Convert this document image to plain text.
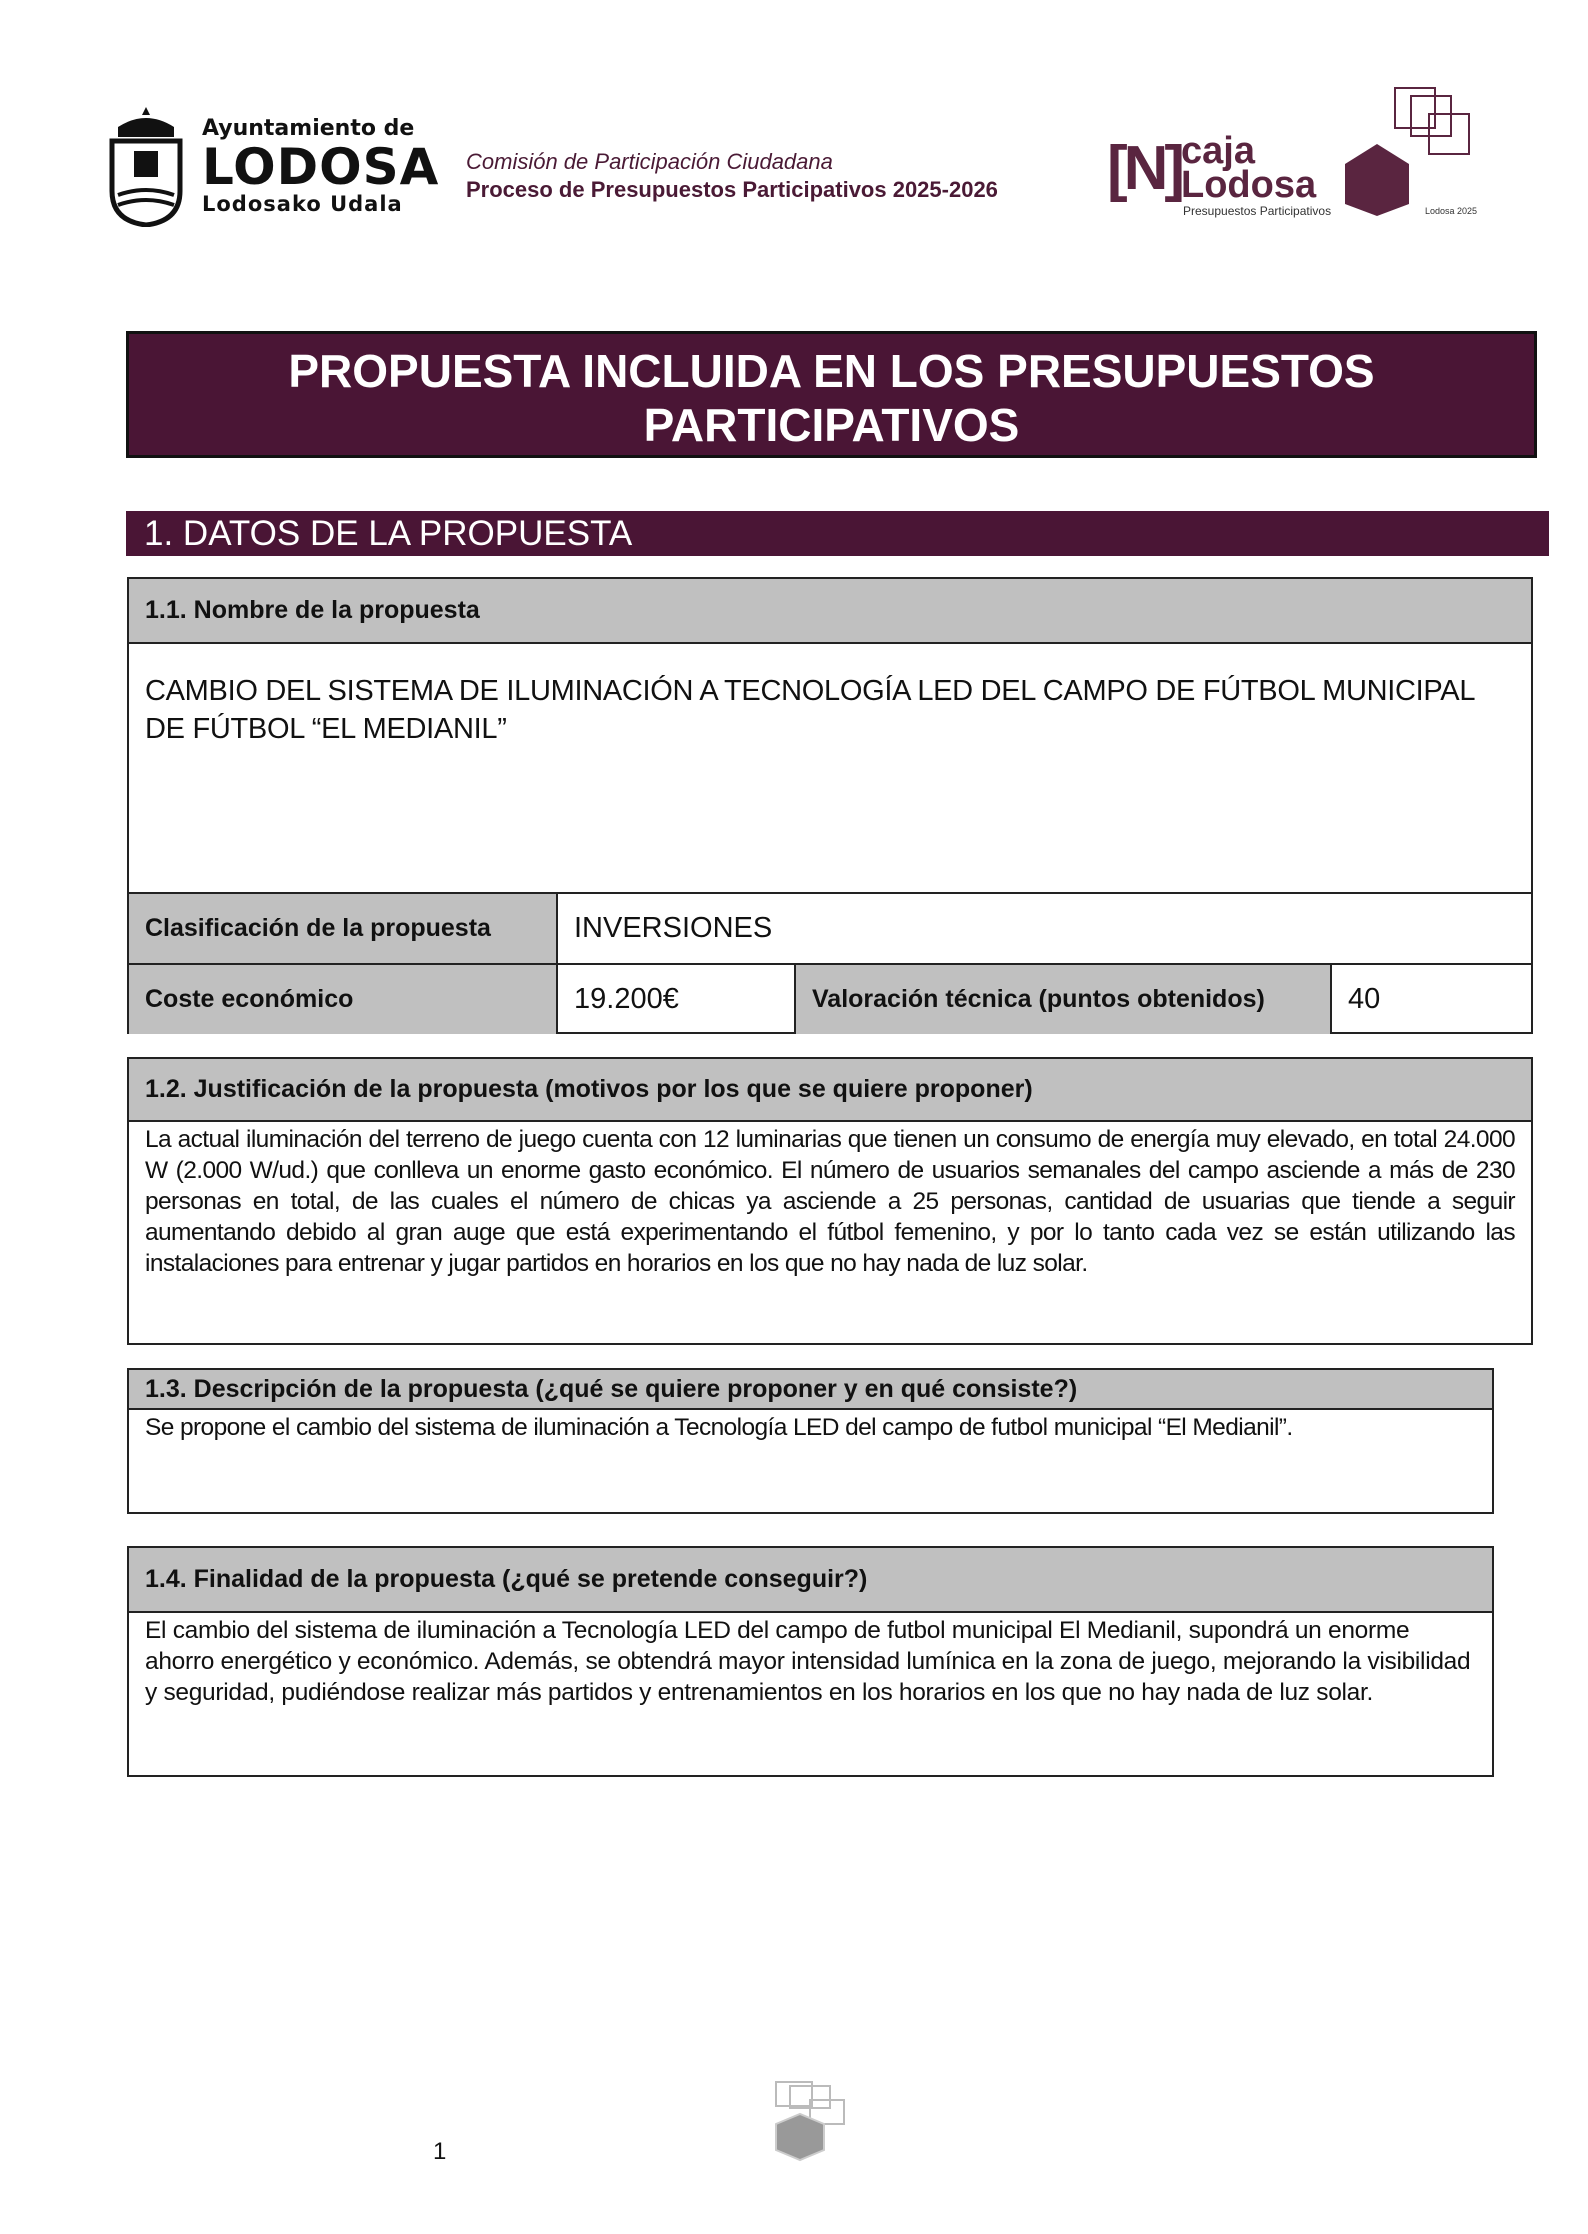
Ayuntamiento de
LODOSA
Lodosako Udala
Comisión de Participación Ciudadana
Proceso de Presupuestos Participativos 2025-2026 [N] caja
Lodosa
Presupuestos Participativos	Lodosa 2025
PROPUESTA INCLUIDA EN LOS PRESUPUESTOS PARTICIPATIVOS
1. DATOS DE LA PROPUESTA
1.1. Nombre de la propuesta
CAMBIO DEL SISTEMA DE ILUMINACIÓN A TECNOLOGÍA LED DEL CAMPO DE FÚTBOL MUNICIPAL DE FÚTBOL “EL MEDIANIL”
Clasificación de la propuesta	INVERSIONES
Coste económico	19.200€	Valoración técnica (puntos obtenidos)	40
1.2. Justificación de la propuesta (motivos por los que se quiere proponer)
La actual iluminación del terreno de juego cuenta con 12 luminarias que tienen un consumo de energía muy elevado, en total 24.000 W (2.000 W/ud.) que conlleva un enorme gasto económico. El número de usuarios semanales del campo asciende a más de 230 personas en total, de las cuales el número de chicas ya asciende a 25 personas, cantidad de usuarias que tiende a seguir aumentando debido al gran auge que está experimentando el fútbol femenino, y por lo tanto cada vez se están utilizando las instalaciones para entrenar y jugar partidos en horarios en los que no hay nada de luz solar.
1.3. Descripción de la propuesta (¿qué se quiere proponer y en qué consiste?)
Se propone el cambio del sistema de iluminación a Tecnología LED del campo de futbol municipal “El Medianil”.
1.4. Finalidad de la propuesta (¿qué se pretende conseguir?)
El cambio del sistema de iluminación a Tecnología LED del campo de futbol municipal El Medianil, supondrá un enorme ahorro energético y económico. Además, se obtendrá mayor intensidad lumínica en la zona de juego, mejorando la visibilidad y seguridad, pudiéndose realizar más partidos y entrenamientos en los horarios en los que no hay nada de luz solar.
1
